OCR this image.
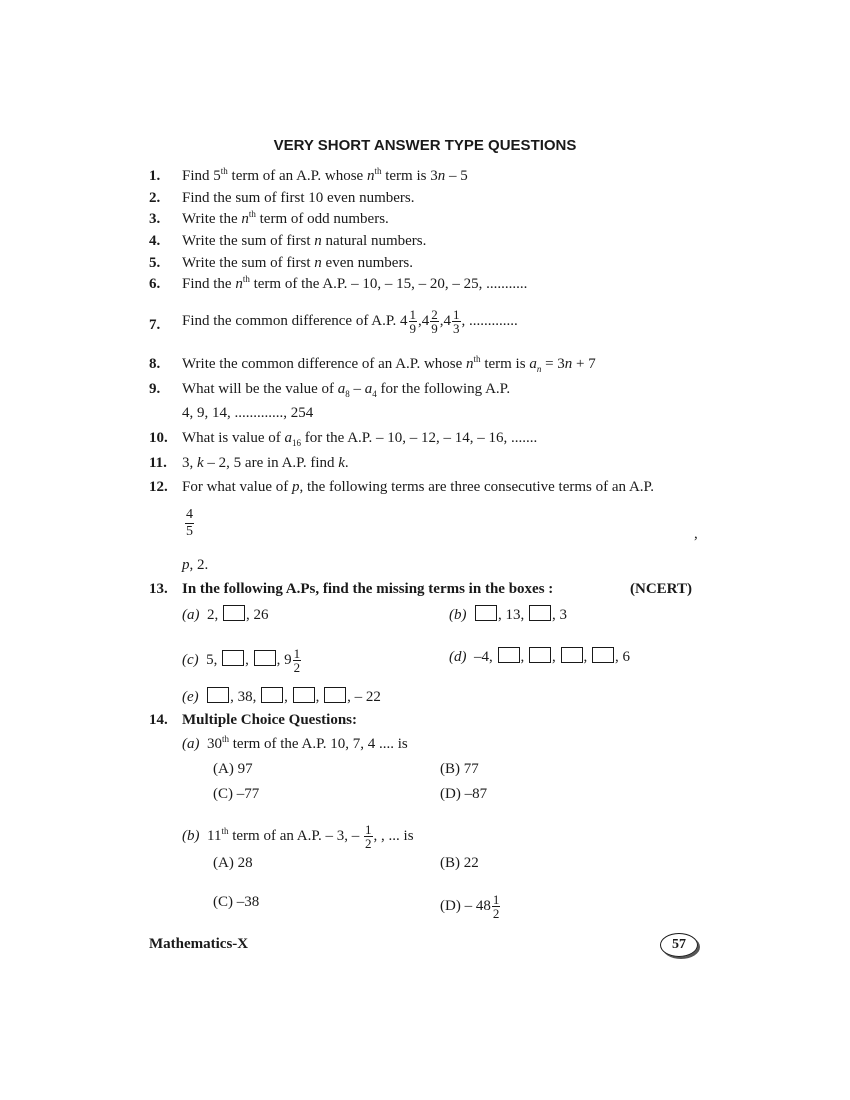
VERY SHORT ANSWER TYPE QUESTIONS
1. Find 5th term of an A.P. whose $n^{th}$ term is 3n – 5
2. Find the sum of first 10 even numbers.
3. Write the $n^{th}$ term of odd numbers.
4. Write the sum of first n natural numbers.
5. Write the sum of first n even numbers.
6. Find the $n^{th}$ term of the A.P. – 10, – 15, – 20, – 25, ...........
7. Find the common difference of A.P. $4 \frac{1}{9} ,4 \frac{2}{9} ,4 \frac{1}{3}$ , .............
8. Write the common difference of an A.P. whose $n^{th}$ term is $a_n = 3n + 7$
9. What will be the value of $a_8 - a_4$ for the following A.P.
4, 9, 14, ............., 254
10. What is value of $a_{16}$ for the A.P. – 10, – 12, – 14, – 16, .......
11. 3, k – 2, 5 are in A.P. find k.
12. For what value of p, the following terms are three consecutive terms of an A.P.
$\frac{4}{5}$	,
p, 2.
13. In the following A.Ps, find the missing terms in the boxes :	(NCERT)
(a) 2, , 26	(b) , 13, , 3
(c) 5, , , $9 \frac{1}{2}$	(d) –4, , , , , 6
(e) , 38, , , , – 22
14. Multiple Choice Questions:
(a) 30th term of the A.P. 10, 7, 4 .... is
(A) 97	(B) 77
(C) –77	(D) –87
(b) 11th term of an A.P. – 3, – $\frac{1}{2}$ , , ... is
(A) 28	(B) 22
(C) –38	$(D) - 48 \frac{1}{2}$
Mathematics-X	57
